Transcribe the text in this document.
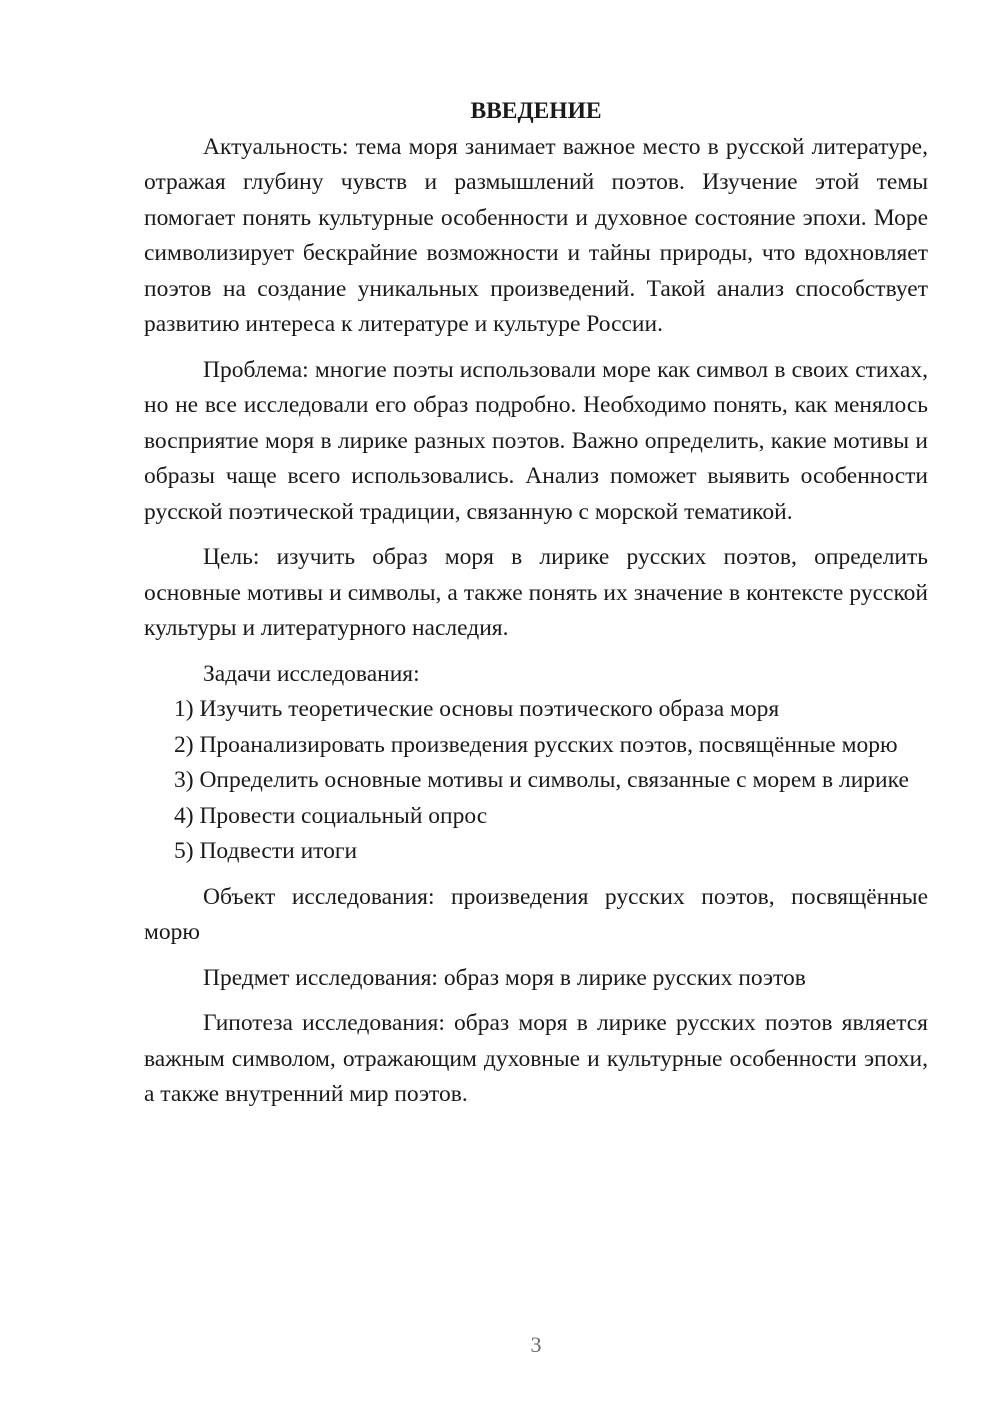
ВВЕДЕНИЕ

Актуальность: тема моря занимает важное место в русской литературе, отражая глубину чувств и размышлений поэтов. Изучение этой темы помогает понять культурные особенности и духовное состояние эпохи. Море символизирует бескрайние возможности и тайны природы, что вдохновляет поэтов на создание уникальных произведений. Такой анализ способствует развитию интереса к литературе и культуре России.

Проблема: многие поэты использовали море как символ в своих стихах, но не все исследовали его образ подробно. Необходимо понять, как менялось восприятие моря в лирике разных поэтов. Важно определить, какие мотивы и образы чаще всего использовались. Анализ поможет выявить особенности русской поэтической традиции, связанную с морской тематикой.

Цель: изучить образ моря в лирике русских поэтов, определить основные мотивы и символы, а также понять их значение в контексте русской культуры и литературного наследия.

Задачи исследования:

1) Изучить теоретические основы поэтического образа моря

2) Проанализировать произведения русских поэтов, посвящённые морю

3) Определить основные мотивы и символы, связанные с морем в лирике

4) Провести социальный опрос

5) Подвести итоги

Объект исследования: произведения русских поэтов, посвящённые морю

Предмет исследования: образ моря в лирике русских поэтов

Гипотеза исследования: образ моря в лирике русских поэтов является важным символом, отражающим духовные и культурные особенности эпохи, а также внутренний мир поэтов.

3
